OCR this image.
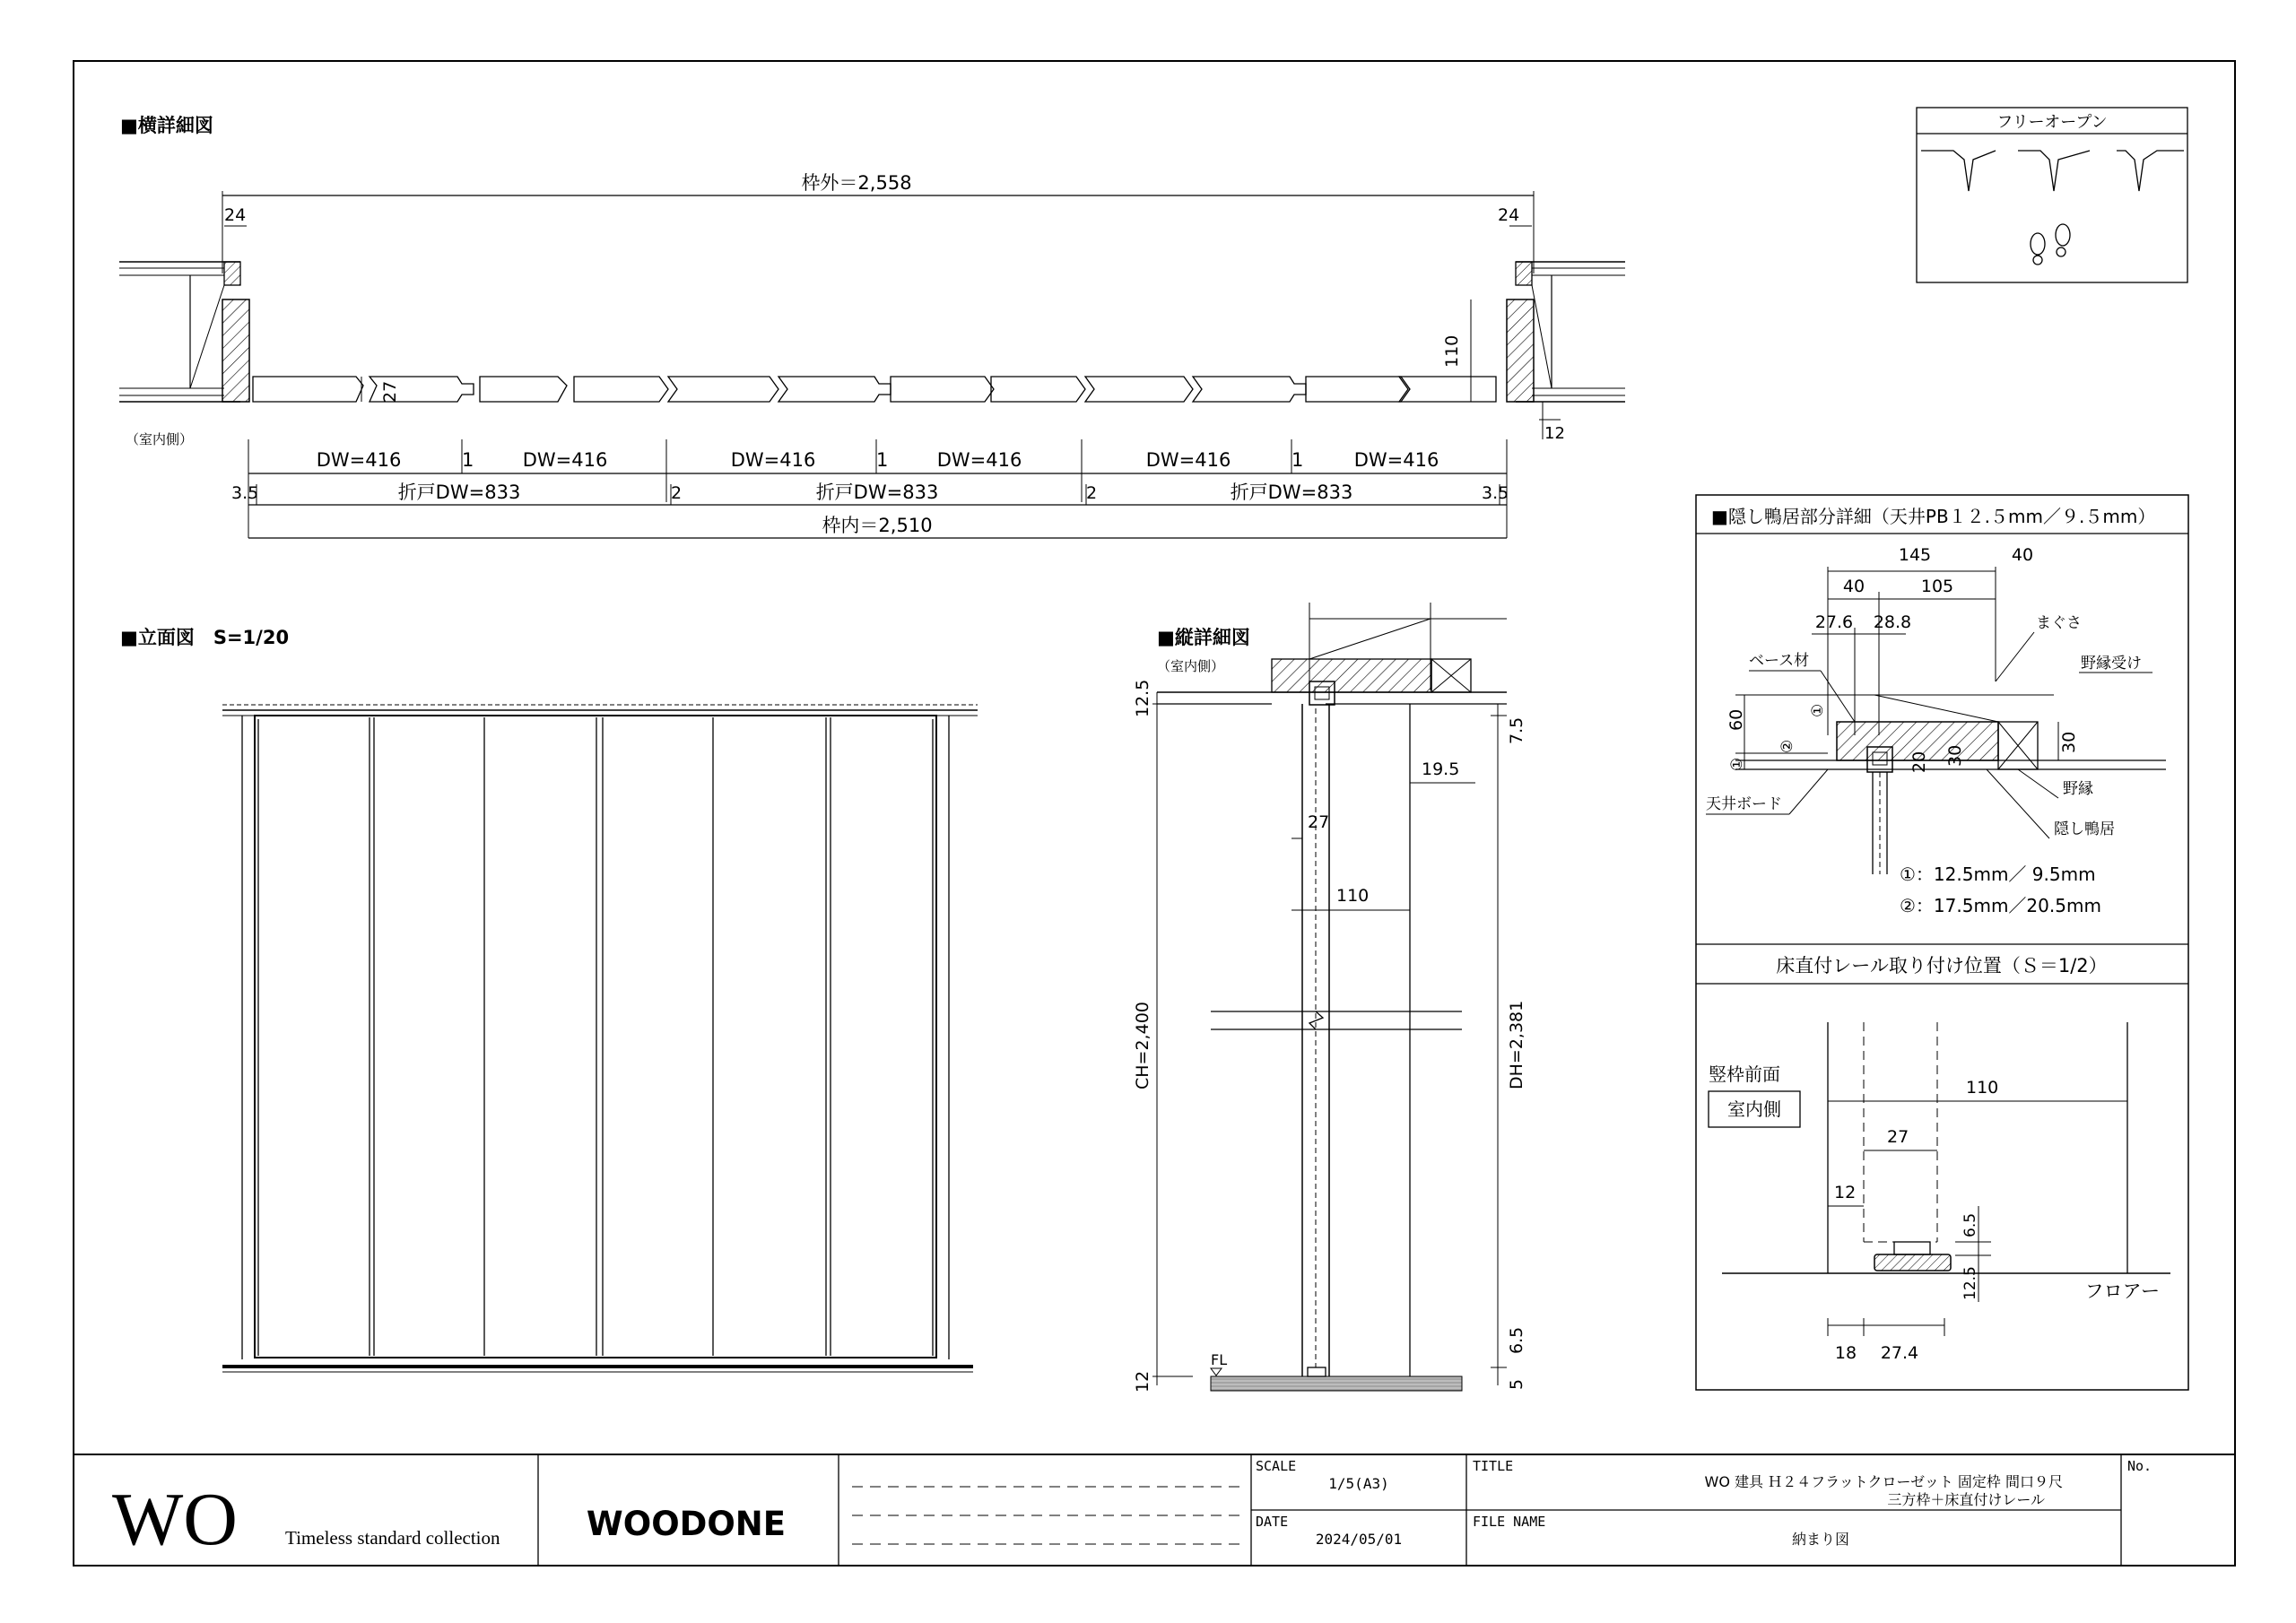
■横詳細図
枠外＝2,558
24	24
27
110
12
（室内側）
DW=416	1	DW=416	DW=416	1	DW=416	DW=416	1	DW=416
3.5	折戸DW=833	2	折戸DW=833	2	折戸DW=833	3.5
枠内＝2,510
フリーオープン
■立面図　S=1/20	■縦詳細図
（室内側）
12.5
CH=2,400
12
27
110
19.5
7.5
DH=2,381
6.5
5
FL
■隠し鴨居部分詳細（天井PB１２.５mm／９.５mm）
145	40
40	105
27.6 28.8
60
①
②
①
30
20 30
ベース材
まぐさ
野縁受け
野縁
天井ボード
隠し鴨居
①：12.5mm／ 9.5mm
②：17.5mm／20.5mm
床直付レール取り付け位置（Ｓ＝1/2）
竪枠前面
室内側
110
27
12
フロアー
6.5
12.5
18 27.4
WO	Timeless standard collection	WOODONE
SCALE
1/5(A3)
DATE
2024/05/01
TITLE
WO 建具 Ｈ２４フラットクローゼット 固定枠 間口９尺
三方枠＋床直付けレール
FILE NAME
納まり図
No.
